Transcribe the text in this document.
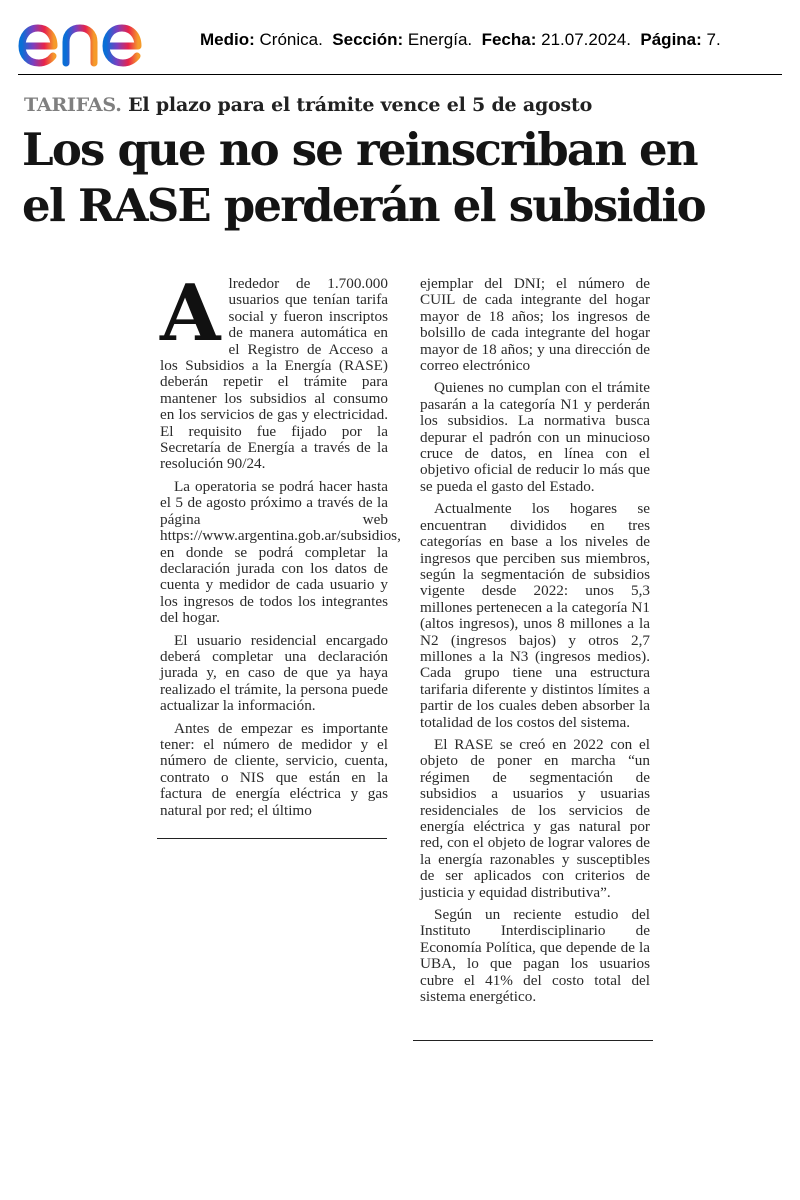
Medio: Crónica. Sección: Energía. Fecha: 21.07.2024. Página: 7.
TARIFAS. El plazo para el trámite vence el 5 de agosto
Los que no se reinscriban en
el RASE perderán el subsidio

Alrededor de 1.700.000 usuarios que tenían tarifa social y fueron inscriptos de manera automática en el Registro de Acceso a los Subsidios a la Energía (RASE) deberán repetir el trámite para mantener los subsidios al consumo en los servicios de gas y electricidad. El requisito fue fijado por la Secretaría de Energía a través de la resolución 90/24.

La operatoria se podrá hacer hasta el 5 de agosto próximo a través de la página web https://www.argentina.gob.ar/subsidios, en donde se podrá completar la declaración jurada con los datos de cuenta y medidor de cada usuario y los ingresos de todos los integrantes del hogar.

El usuario residencial encargado deberá completar una declaración jurada y, en caso de que ya haya realizado el trámite, la persona puede actualizar la información.

Antes de empezar es importante tener: el número de medidor y el número de cliente, servicio, cuenta, contrato o NIS que están en la factura de energía eléctrica y gas natural por red; el último

ejemplar del DNI; el número de CUIL de cada integrante del hogar mayor de 18 años; los ingresos de bolsillo de cada integrante del hogar mayor de 18 años; y una dirección de correo electrónico

Quienes no cumplan con el trámite pasarán a la categoría N1 y perderán los subsidios. La normativa busca depurar el padrón con un minucioso cruce de datos, en línea con el objetivo oficial de reducir lo más que se pueda el gasto del Estado.

Actualmente los hogares se encuentran divididos en tres categorías en base a los niveles de ingresos que perciben sus miembros, según la segmentación de subsidios vigente desde 2022: unos 5,3 millones pertenecen a la categoría N1 (altos ingresos), unos 8 millones a la N2 (ingresos bajos) y otros 2,7 millones a la N3 (ingresos medios). Cada grupo tiene una estructura tarifaria diferente y distintos límites a partir de los cuales deben absorber la totalidad de los costos del sistema.

El RASE se creó en 2022 con el objeto de poner en marcha “un régimen de segmentación de subsidios a usuarios y usuarias residenciales de los servicios de energía eléctrica y gas natural por red, con el objeto de lograr valores de la energía razonables y susceptibles de ser aplicados con criterios de justicia y equidad distributiva”.

Según un reciente estudio del Instituto Interdisciplinario de Economía Política, que depende de la UBA, lo que pagan los usuarios cubre el 41% del costo total del sistema energético.
